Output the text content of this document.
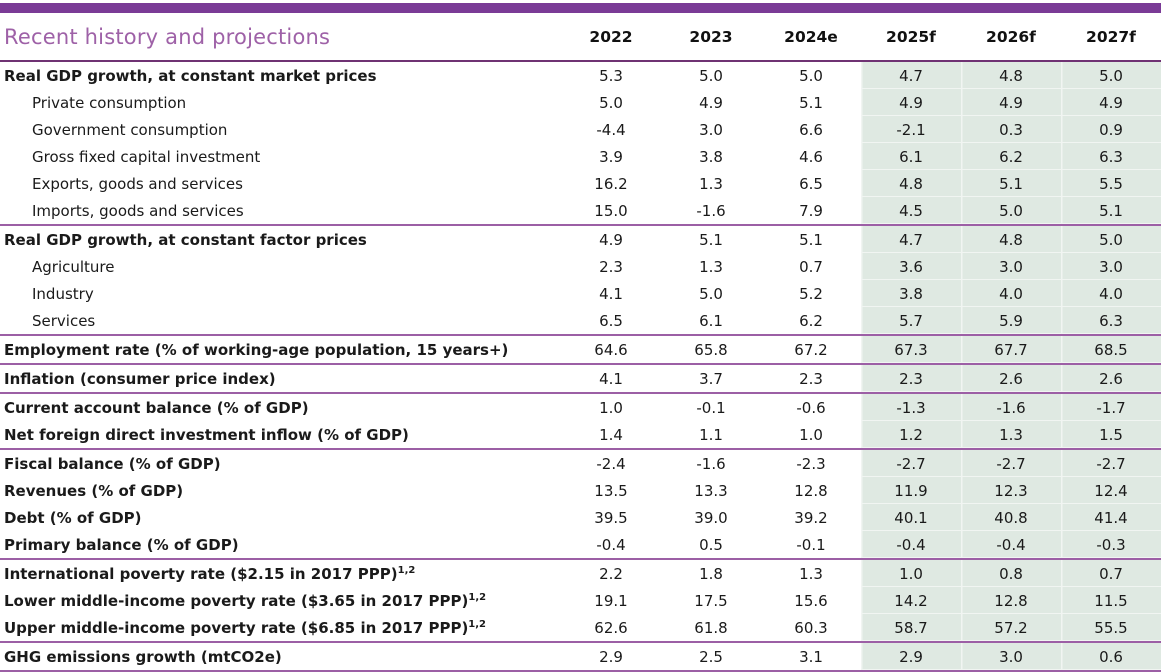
Recent history and projections	2022	2023	2024e	2025f	2026f	2027f
Real GDP growth, at constant market prices	5.3	5.0	5.0	4.7	4.8	5.0
Private consumption	5.0	4.9	5.1	4.9	4.9	4.9
Government consumption	-4.4	3.0	6.6	-2.1	0.3	0.9
Gross fixed capital investment	3.9	3.8	4.6	6.1	6.2	6.3
Exports, goods and services	16.2	1.3	6.5	4.8	5.1	5.5
Imports, goods and services	15.0	-1.6	7.9	4.5	5.0	5.1
Real GDP growth, at constant factor prices	4.9	5.1	5.1	4.7	4.8	5.0
Agriculture	2.3	1.3	0.7	3.6	3.0	3.0
Industry	4.1	5.0	5.2	3.8	4.0	4.0
Services	6.5	6.1	6.2	5.7	5.9	6.3
Employment rate (% of working-age population, 15 years+)	64.6	65.8	67.2	67.3	67.7	68.5
Inflation (consumer price index)	4.1	3.7	2.3	2.3	2.6	2.6
Current account balance (% of GDP)	1.0	-0.1	-0.6	-1.3	-1.6	-1.7
Net foreign direct investment inflow (% of GDP)	1.4	1.1	1.0	1.2	1.3	1.5
Fiscal balance (% of GDP)	-2.4	-1.6	-2.3	-2.7	-2.7	-2.7
Revenues (% of GDP)	13.5	13.3	12.8	11.9	12.3	12.4
Debt (% of GDP)	39.5	39.0	39.2	40.1	40.8	41.4
Primary balance (% of GDP)	-0.4	0.5	-0.1	-0.4	-0.4	-0.3
International poverty rate ($2.15 in 2017 PPP)$^{1,2}$	2.2	1.8	1.3	1.0	0.8	0.7
Lower middle-income poverty rate ($3.65 in 2017 PPP)$^{1,2}$	19.1	17.5	15.6	14.2	12.8	11.5
Upper middle-income poverty rate ($6.85 in 2017 PPP)$^{1,2}$	62.6	61.8	60.3	58.7	57.2	55.5
GHG emissions growth (mtCO2e)	2.9	2.5	3.1	2.9	3.0	0.6
